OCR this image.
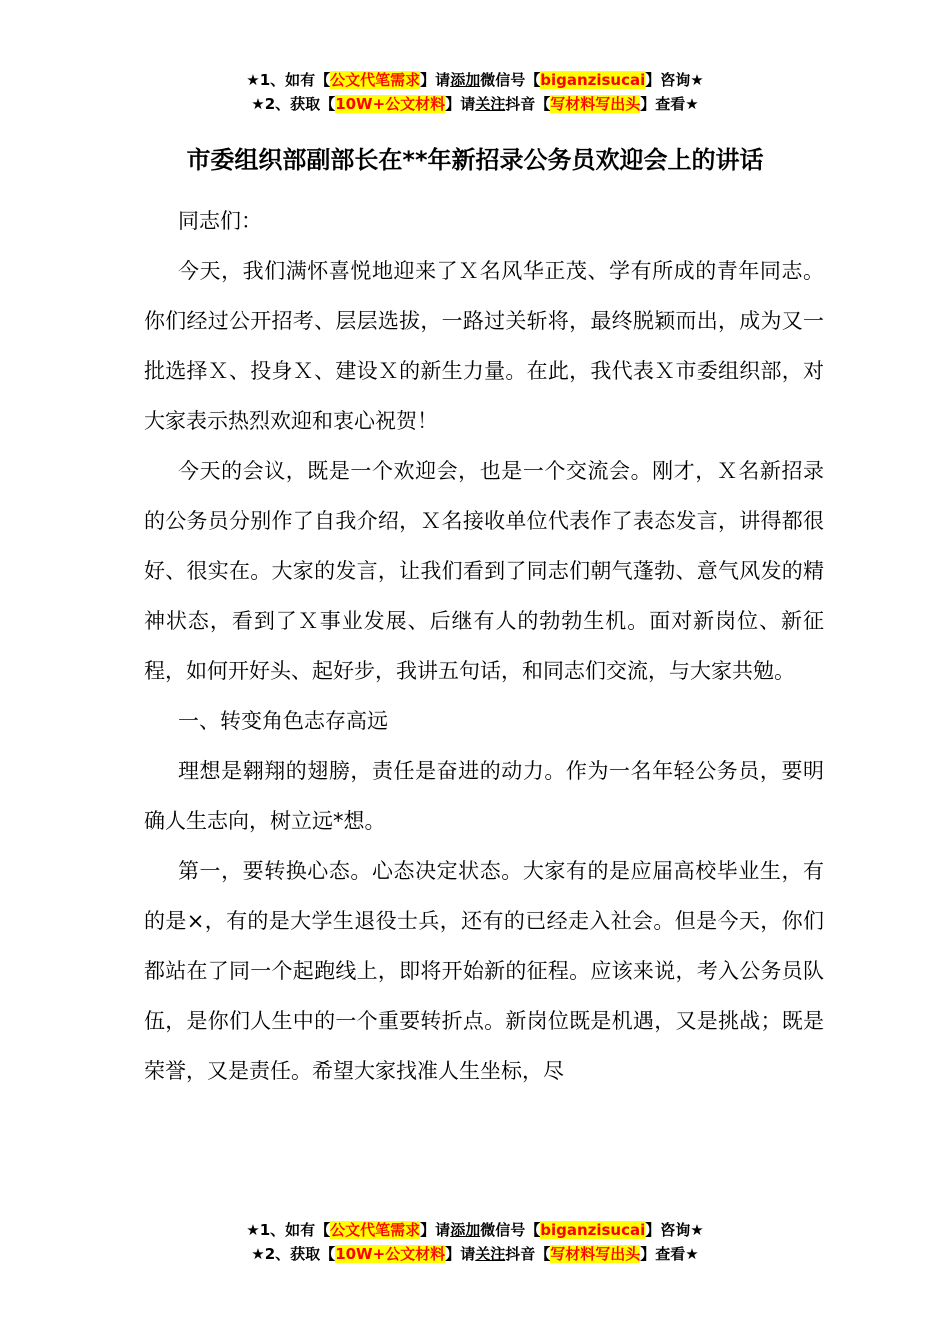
★1、如有【公文代笔需求】请添加微信号【biganzisucai】咨询★
★2、获取【10W+公文材料】请关注抖音【写材料写出头】查看★
市委组织部副部长在**年新招录公务员欢迎会上的讲话

同志们：

今天，我们满怀喜悦地迎来了Ｘ名风华正茂、学有所成的青年同志。你们经过公开招考、层层选拔，一路过关斩将，最终脱颖而出，成为又一批选择Ｘ、投身Ｘ、建设Ｘ的新生力量。在此，我代表Ｘ市委组织部，对大家表示热烈欢迎和衷心祝贺！

今天的会议，既是一个欢迎会，也是一个交流会。刚才，Ｘ名新招录的公务员分别作了自我介绍，Ｘ名接收单位代表作了表态发言，讲得都很好、很实在。大家的发言，让我们看到了同志们朝气蓬勃、意气风发的精神状态，看到了Ｘ事业发展、后继有人的勃勃生机。面对新岗位、新征程，如何开好头、起好步，我讲五句话，和同志们交流，与大家共勉。

一、转变角色志存高远

理想是翱翔的翅膀，责任是奋进的动力。作为一名年轻公务员，要明确人生志向，树立远*想。

第一，要转换心态。心态决定状态。大家有的是应届高校毕业生，有的是×，有的是大学生退役士兵，还有的已经走入社会。但是今天，你们都站在了同一个起跑线上，即将开始新的征程。应该来说，考入公务员队伍，是你们人生中的一个重要转折点。新岗位既是机遇，又是挑战；既是荣誉，又是责任。希望大家找准人生坐标，尽

★1、如有【公文代笔需求】请添加微信号【biganzisucai】咨询★
★2、获取【10W+公文材料】请关注抖音【写材料写出头】查看★
